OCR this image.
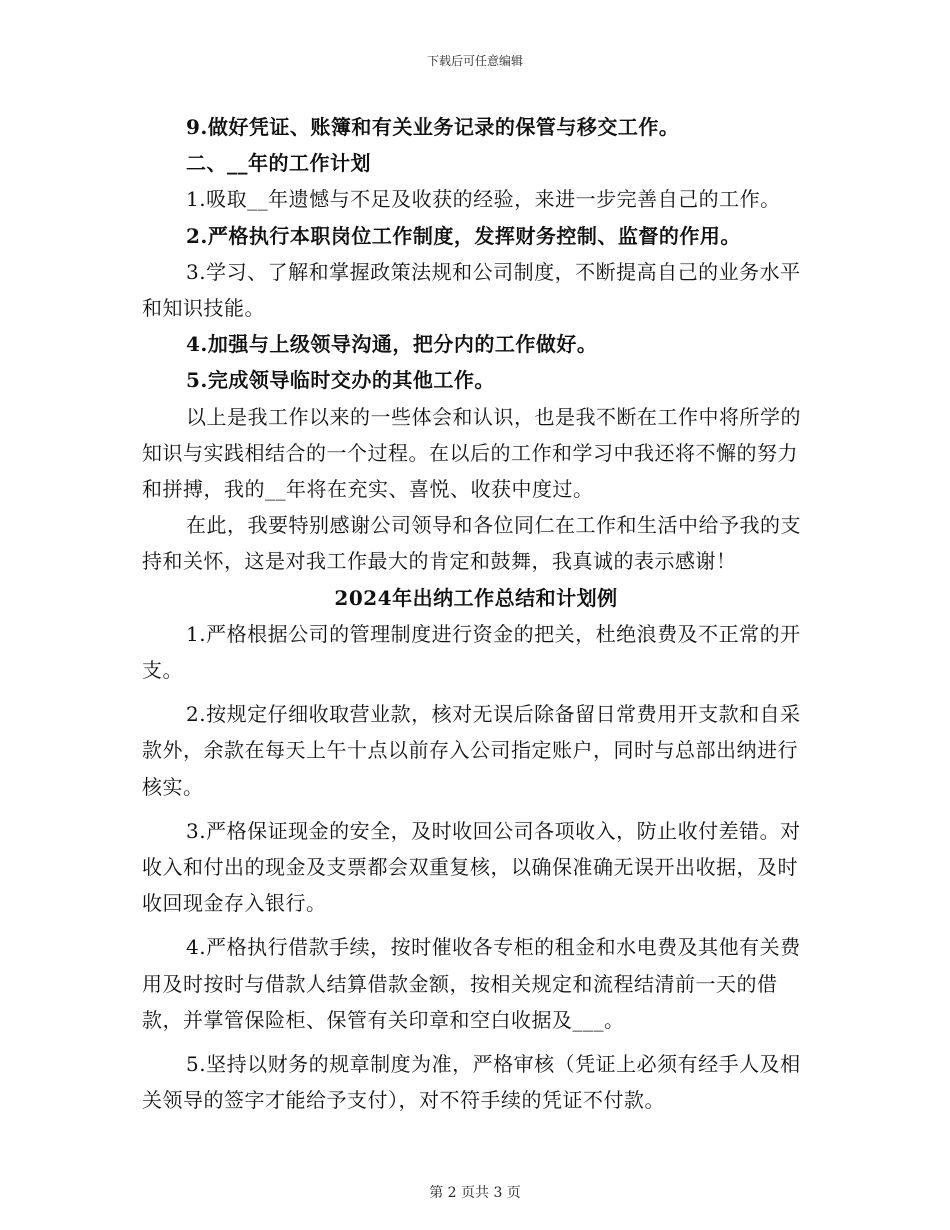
下载后可任意编辑

9.做好凭证、账簿和有关业务记录的保管与移交工作。

二、__年的工作计划

1.吸取__年遗憾与不足及收获的经验，来进一步完善自己的工作。

2.严格执行本职岗位工作制度，发挥财务控制、监督的作用。

3.学习、了解和掌握政策法规和公司制度，不断提高自己的业务水平和知识技能。

4.加强与上级领导沟通，把分内的工作做好。

5.完成领导临时交办的其他工作。

以上是我工作以来的一些体会和认识，也是我不断在工作中将所学的知识与实践相结合的一个过程。在以后的工作和学习中我还将不懈的努力和拼搏，我的__年将在充实、喜悦、收获中度过。

在此，我要特别感谢公司领导和各位同仁在工作和生活中给予我的支持和关怀，这是对我工作最大的肯定和鼓舞，我真诚的表示感谢！

2024年出纳工作总结和计划例

1.严格根据公司的管理制度进行资金的把关，杜绝浪费及不正常的开支。

2.按规定仔细收取营业款，核对无误后除备留日常费用开支款和自采款外，余款在每天上午十点以前存入公司指定账户，同时与总部出纳进行核实。

3.严格保证现金的安全，及时收回公司各项收入，防止收付差错。对收入和付出的现金及支票都会双重复核，以确保准确无误开出收据，及时收回现金存入银行。

4.严格执行借款手续，按时催收各专柜的租金和水电费及其他有关费用及时按时与借款人结算借款金额，按相关规定和流程结清前一天的借款，并掌管保险柜、保管有关印章和空白收据及___。

5.坚持以财务的规章制度为准，严格审核（凭证上必须有经手人及相关领导的签字才能给予支付），对不符手续的凭证不付款。

第 2 页共 3 页
